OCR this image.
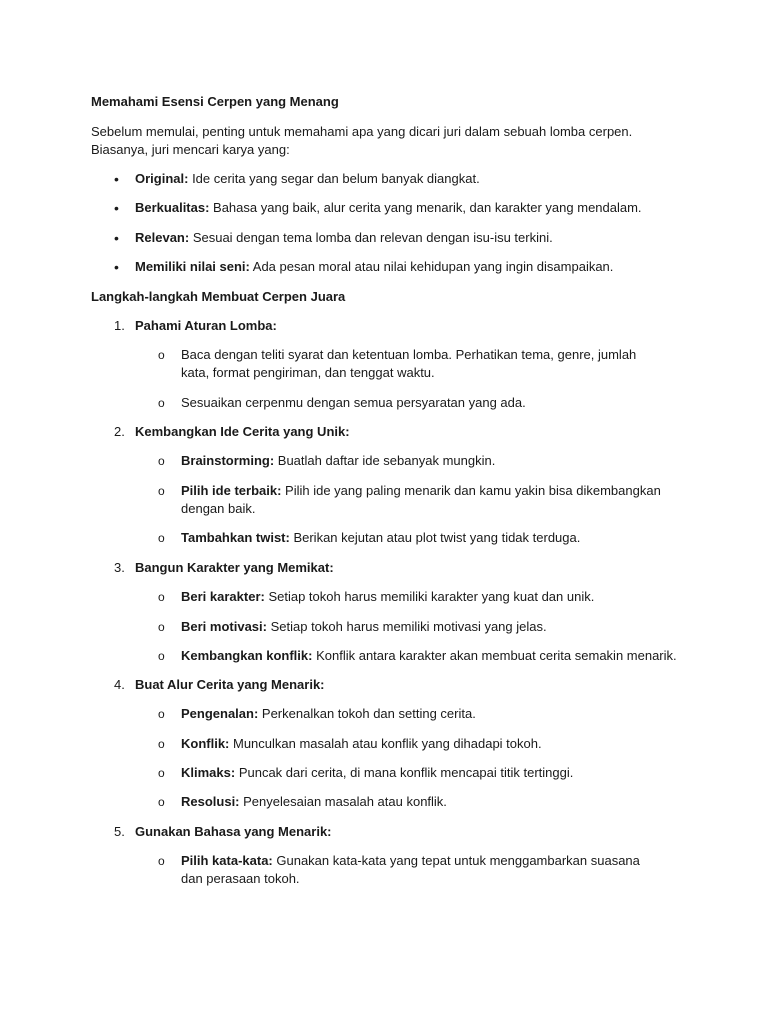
Memahami Esensi Cerpen yang Menang
Sebelum memulai, penting untuk memahami apa yang dicari juri dalam sebuah lomba cerpen. Biasanya, juri mencari karya yang:
• Original: Ide cerita yang segar dan belum banyak diangkat.
• Berkualitas: Bahasa yang baik, alur cerita yang menarik, dan karakter yang mendalam.
• Relevan: Sesuai dengan tema lomba dan relevan dengan isu-isu terkini.
• Memiliki nilai seni: Ada pesan moral atau nilai kehidupan yang ingin disampaikan.
Langkah-langkah Membuat Cerpen Juara
1. Pahami Aturan Lomba:
o Baca dengan teliti syarat dan ketentuan lomba. Perhatikan tema, genre, jumlah kata, format pengiriman, dan tenggat waktu.
o Sesuaikan cerpenmu dengan semua persyaratan yang ada.
2. Kembangkan Ide Cerita yang Unik:
o Brainstorming: Buatlah daftar ide sebanyak mungkin.
o Pilih ide terbaik: Pilih ide yang paling menarik dan kamu yakin bisa dikembangkan dengan baik.
o Tambahkan twist: Berikan kejutan atau plot twist yang tidak terduga.
3. Bangun Karakter yang Memikat:
o Beri karakter: Setiap tokoh harus memiliki karakter yang kuat dan unik.
o Beri motivasi: Setiap tokoh harus memiliki motivasi yang jelas.
o Kembangkan konflik: Konflik antara karakter akan membuat cerita semakin menarik.
4. Buat Alur Cerita yang Menarik:
o Pengenalan: Perkenalkan tokoh dan setting cerita.
o Konflik: Munculkan masalah atau konflik yang dihadapi tokoh.
o Klimaks: Puncak dari cerita, di mana konflik mencapai titik tertinggi.
o Resolusi: Penyelesaian masalah atau konflik.
5. Gunakan Bahasa yang Menarik:
o Pilih kata-kata: Gunakan kata-kata yang tepat untuk menggambarkan suasana dan perasaan tokoh.
